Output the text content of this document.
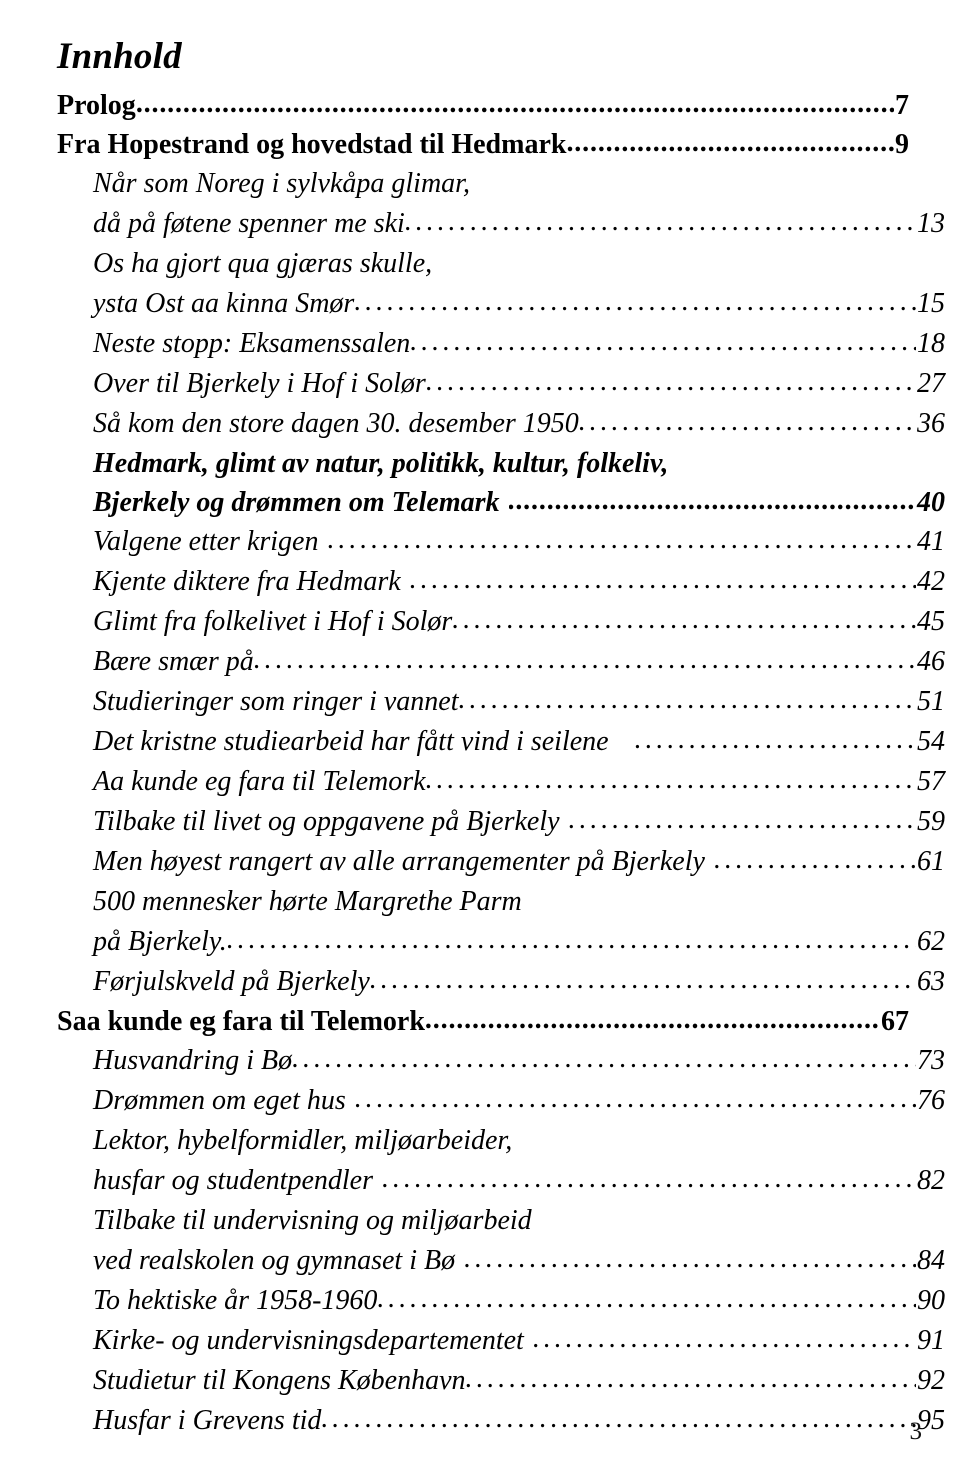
Innhold
Prolog . . .	7
Fra Hopestrand og hovedstad til Hedmark . . .	9
Når som Noreg i sylvkåpa glimar,
då på føtene spenner me ski . . .	13
Os ha gjort qua gjæras skulle,
ysta Ost aa kinna Smør . . .	15
Neste stopp: Eksamenssalen . . .	18
Over til Bjerkely i Hof i Solør . . .	27
Så kom den store dagen 30. desember 1950 . . .	36
Hedmark, glimt av natur, politikk, kultur, folkeliv,
Bjerkely og drømmen om Telemark . . .	40
Valgene etter krigen . . .	41
Kjente diktere fra Hedmark . . .	42
Glimt fra folkelivet i Hof i Solør . . .	45
Bære smær på . . .	46
Studieringer som ringer i vannet . . .	51
Det kristne studiearbeid har fått vind i seilene . . .	54
Aa kunde eg fara til Telemork . . .	57
Tilbake til livet og oppgavene på Bjerkely . . .	59
Men høyest rangert av alle arrangementer på Bjerkely . . .	61
500 mennesker hørte Margrethe Parm
på Bjerkely. . . .	62
Førjulskveld på Bjerkely . . .	63
Saa kunde eg fara til Telemork . . .	67
Husvandring i Bø . . .	73
Drømmen om eget hus . . .	76
Lektor, hybelformidler, miljøarbeider,
husfar og studentpendler . . .	82
Tilbake til undervisning og miljøarbeid
ved realskolen og gymnaset i Bø . . .	84
To hektiske år 1958-1960 . . .	90
Kirke- og undervisningsdepartementet . . .	91
Studietur til Kongens København . . .	92
Husfar i Grevens tid . . .	95
3
